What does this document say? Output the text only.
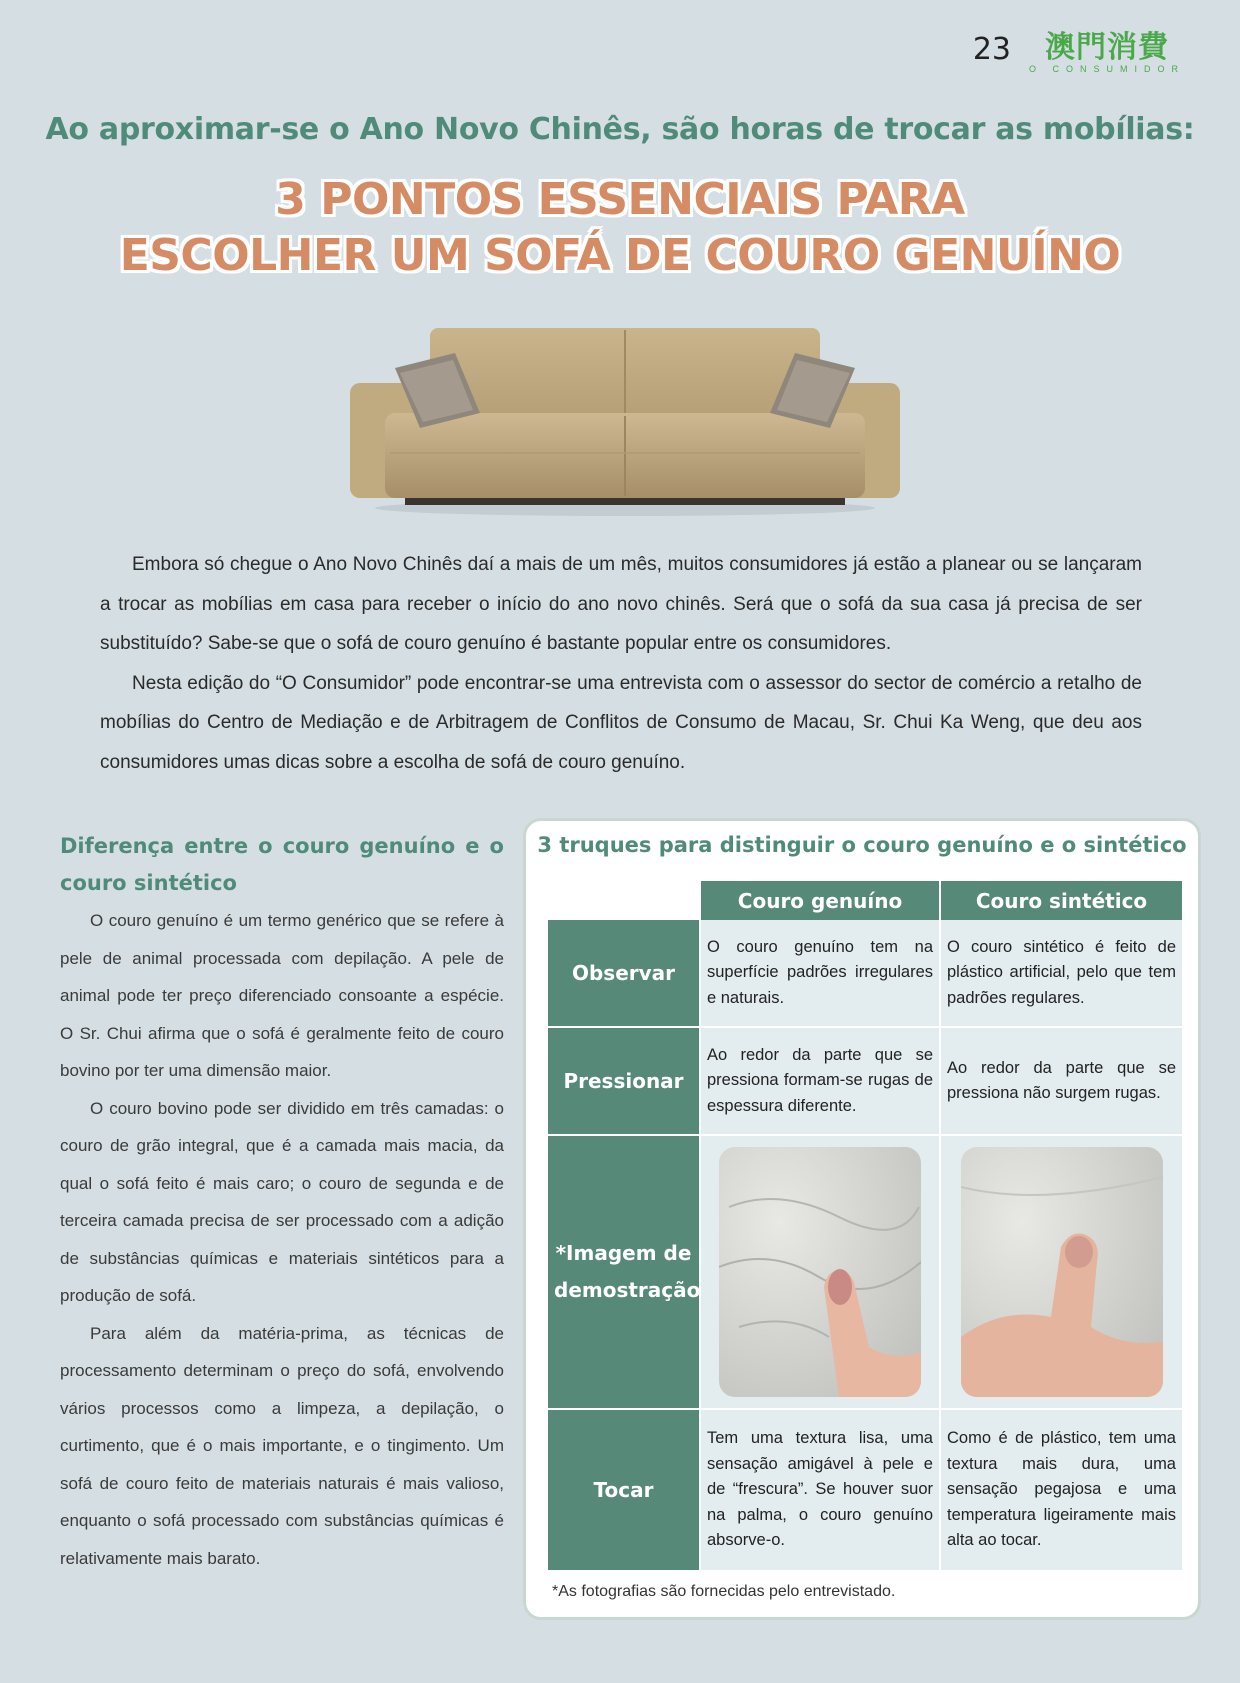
23 澳門消費
O CONSUMIDOR
Ao aproximar-se o Ano Novo Chinês, são horas de trocar as mobílias:
3 PONTOS ESSENCIAIS PARA
ESCOLHER UM SOFÁ DE COURO GENUÍNO

Embora só chegue o Ano Novo Chinês daí a mais de um mês, muitos consumidores já estão a planear ou se lançaram a trocar as mobílias em casa para receber o início do ano novo chinês. Será que o sofá da sua casa já precisa de ser substituído? Sabe-se que o sofá de couro genuíno é bastante popular entre os consumidores.

Nesta edição do “O Consumidor” pode encontrar-se uma entrevista com o assessor do sector de comércio a retalho de mobílias do Centro de Mediação e de Arbitragem de Conflitos de Consumo de Macau, Sr. Chui Ka Weng, que deu aos consumidores umas dicas sobre a escolha de sofá de couro genuíno.

Diferença entre o couro genuíno e o couro sintético

O couro genuíno é um termo genérico que se refere à pele de animal processada com depilação. A pele de animal pode ter preço diferenciado consoante a espécie. O Sr. Chui afirma que o sofá é geralmente feito de couro bovino por ter uma dimensão maior.

O couro bovino pode ser dividido em três camadas: o couro de grão integral, que é a camada mais macia, da qual o sofá feito é mais caro; o couro de segunda e de terceira camada precisa de ser processado com a adição de substâncias químicas e materiais sintéticos para a produção de sofá.

Para além da matéria-prima, as técnicas de processamento determinam o preço do sofá, envolvendo vários processos como a limpeza, a depilação, o curtimento, que é o mais importante, e o tingimento. Um sofá de couro feito de materiais naturais é mais valioso, enquanto o sofá processado com substâncias químicas é relativamente mais barato.

3 truques para distinguir o couro genuíno e o sintético
	Couro genuíno	Couro sintético
Observar	O couro genuíno tem na superfície padrões irregulares e naturais.	O couro sintético é feito de plástico artificial, pelo que tem padrões regulares.
Pressionar	Ao redor da parte que se pressiona formam-se rugas de espessura diferente.	Ao redor da parte que se pressiona não surgem rugas.
*Imagem de demostração	

Tocar	Tem uma textura lisa, uma sensação amigável à pele e de “frescura”. Se houver suor na palma, o couro genuíno absorve-o.	Como é de plástico, tem uma textura mais dura, uma sensação pegajosa e uma temperatura ligeiramente mais alta ao tocar.
*As fotografias são fornecidas pelo entrevistado.
